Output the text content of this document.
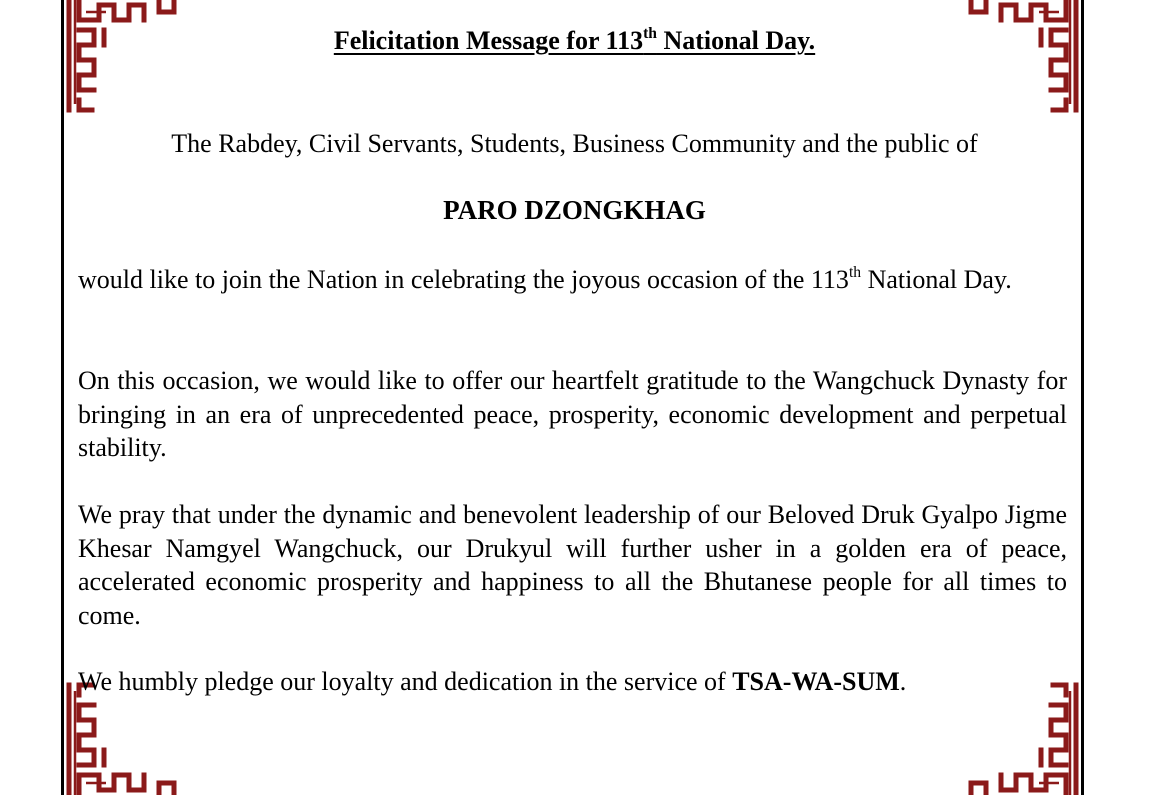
Felicitation Message for 113th National Day.
The Rabdey, Civil Servants, Students, Business Community and the public of
PARO DZONGKHAG

would like to join the Nation in celebrating the joyous occasion of the 113th National Day.

On this occasion, we would like to offer our heartfelt gratitude to the Wangchuck Dynasty for bringing in an era of unprecedented peace, prosperity, economic development and perpetual stability.

We pray that under the dynamic and benevolent leadership of our Beloved Druk Gyalpo Jigme Khesar Namgyel Wangchuck, our Drukyul will further usher in a golden era of peace, accelerated economic prosperity and happiness to all the Bhutanese people for all times to come.

We humbly pledge our loyalty and dedication in the service of TSA-WA-SUM.
